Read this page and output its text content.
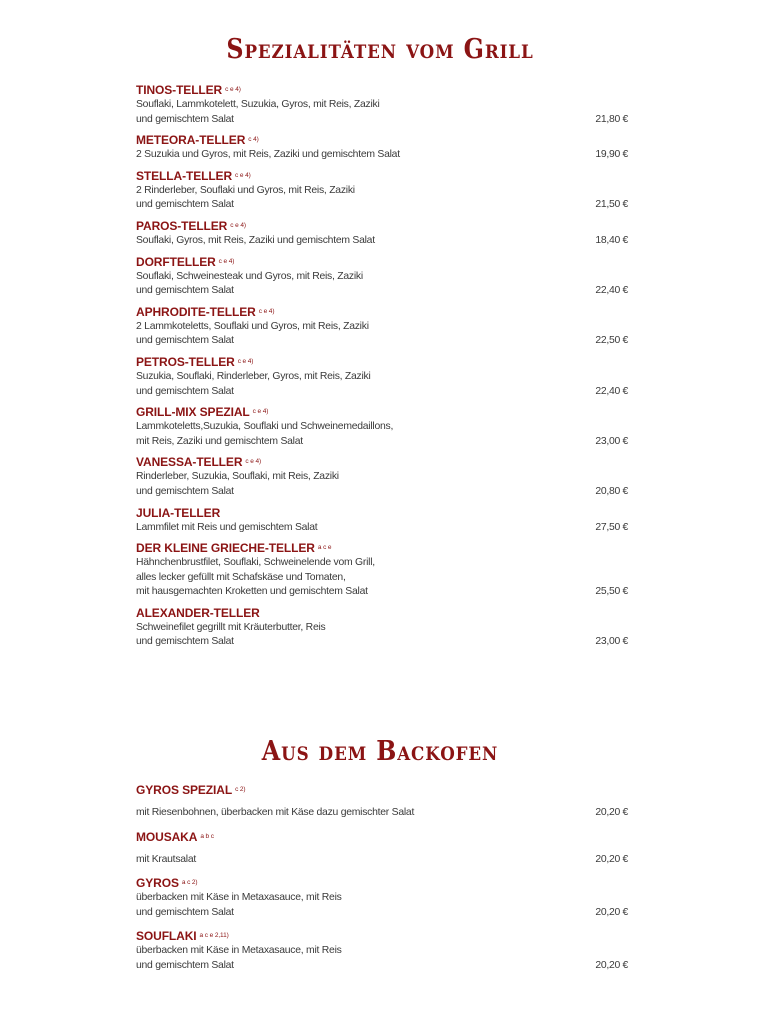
Spezialitäten vom Grill
TINOS-TELLER $^{c e 4)}$
Souflaki, Lammkotelett, Suzukia, Gyros, mit Reis, Zaziki
und gemischtem Salat	21,80 €
METEORA-TELLER $^{c 4)}$
2 Suzukia und Gyros, mit Reis, Zaziki und gemischtem Salat	19,90 €
STELLA-TELLER $^{c e 4)}$
2 Rinderleber, Souflaki und Gyros, mit Reis, Zaziki
und gemischtem Salat	21,50 €
PAROS-TELLER $^{c e 4)}$
Souflaki, Gyros, mit Reis, Zaziki und gemischtem Salat	18,40 €
DORFTELLER $^{c e 4)}$
Souflaki, Schweinesteak und Gyros, mit Reis, Zaziki
und gemischtem Salat	22,40 €
APHRODITE-TELLER $^{c e 4)}$
2 Lammkoteletts, Souflaki und Gyros, mit Reis, Zaziki
und gemischtem Salat	22,50 €
PETROS-TELLER $^{c e 4)}$
Suzukia, Souflaki, Rinderleber, Gyros, mit Reis, Zaziki
und gemischtem Salat	22,40 €
GRILL-MIX SPEZIAL $^{c e 4)}$
Lammkoteletts,Suzukia, Souflaki und Schweinemedaillons,
mit Reis, Zaziki und gemischtem Salat	23,00 €
VANESSA-TELLER $^{c e 4)}$
Rinderleber, Suzukia, Souflaki, mit Reis, Zaziki
und gemischtem Salat	20,80 €
JULIA-TELLER
Lammfilet mit Reis und gemischtem Salat	27,50 €
DER KLEINE GRIECHE-TELLER $^{a c e}$
Hähnchenbrustfilet, Souflaki, Schweinelende vom Grill,
alles lecker gefüllt mit Schafskäse und Tomaten,
mit hausgemachten Kroketten und gemischtem Salat	25,50 €
ALEXANDER-TELLER
Schweinefilet gegrillt mit Kräuterbutter, Reis
und gemischtem Salat	23,00 €
Aus dem Backofen
GYROS SPEZIAL $^{c 2)}$
mit Riesenbohnen, überbacken mit Käse dazu gemischter Salat	20,20 €
MOUSAKA $^{a b c}$
mit Krautsalat	20,20 €
GYROS $^{a c 2)}$
überbacken mit Käse in Metaxasauce, mit Reis
und gemischtem Salat	20,20 €
SOUFLAKI $^{a c e 2,11)}$
überbacken mit Käse in Metaxasauce, mit Reis
und gemischtem Salat	20,20 €
